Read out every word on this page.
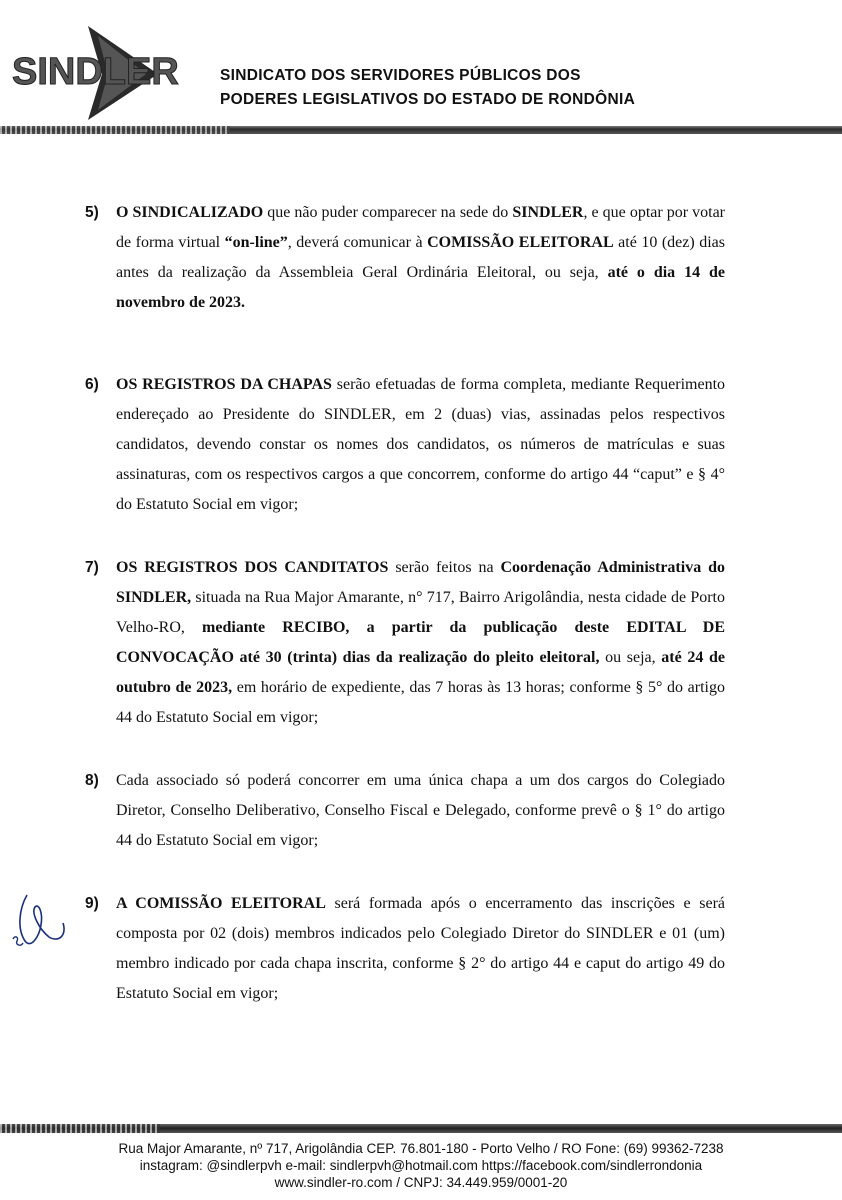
SINDLER	SINDICATO DOS SERVIDORES PÚBLICOS DOS
PODERES LEGISLATIVOS DO ESTADO DE RONDÔNIA
5) O SINDICALIZADO que não puder comparecer na sede do SINDLER, e que optar por votar de forma virtual “on-line”, deverá comunicar à COMISSÃO ELEITORAL até 10 (dez) dias antes da realização da Assembleia Geral Ordinária Eleitoral, ou seja, até o dia 14 de novembro de 2023.
6) OS REGISTROS DA CHAPAS serão efetuadas de forma completa, mediante Requerimento endereçado ao Presidente do SINDLER, em 2 (duas) vias, assinadas pelos respectivos candidatos, devendo constar os nomes dos candidatos, os números de matrículas e suas assinaturas, com os respectivos cargos a que concorrem, conforme do artigo 44 “caput” e § 4° do Estatuto Social em vigor;
7) OS REGISTROS DOS CANDITATOS serão feitos na Coordenação Administrativa do SINDLER, situada na Rua Major Amarante, n° 717, Bairro Arigolândia, nesta cidade de Porto Velho-RO, mediante RECIBO, a partir da publicação deste EDITAL DE CONVOCAÇÃO até 30 (trinta) dias da realização do pleito eleitoral, ou seja, até 24 de outubro de 2023, em horário de expediente, das 7 horas às 13 horas; conforme § 5° do artigo 44 do Estatuto Social em vigor;
8) Cada associado só poderá concorrer em uma única chapa a um dos cargos do Colegiado Diretor, Conselho Deliberativo, Conselho Fiscal e Delegado, conforme prevê o § 1° do artigo 44 do Estatuto Social em vigor;
9) A COMISSÃO ELEITORAL será formada após o encerramento das inscrições e será composta por 02 (dois) membros indicados pelo Colegiado Diretor do SINDLER e 01 (um) membro indicado por cada chapa inscrita, conforme § 2° do artigo 44 e caput do artigo 49 do Estatuto Social em vigor;
Rua Major Amarante, nº 717, Arigolândia CEP. 76.801-180 - Porto Velho / RO Fone: (69) 99362-7238
instagram: @sindlerpvh e-mail: sindlerpvh@hotmail.com https://facebook.com/sindlerrondonia
www.sindler-ro.com / CNPJ: 34.449.959/0001-20
